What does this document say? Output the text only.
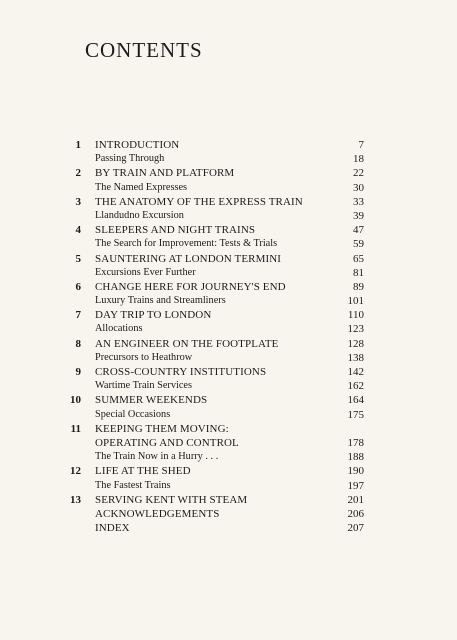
CONTENTS
1 INTRODUCTION	7
Passing Through	18
2 BY TRAIN AND PLATFORM	22
The Named Expresses	30
3 THE ANATOMY OF THE EXPRESS TRAIN	33
Llandudno Excursion	39
4 SLEEPERS AND NIGHT TRAINS	47
The Search for Improvement: Tests & Trials	59
5 SAUNTERING AT LONDON TERMINI	65
Excursions Ever Further	81
6 CHANGE HERE FOR JOURNEY'S END	89
Luxury Trains and Streamliners	101
7 DAY TRIP TO LONDON	110
Allocations	123
8 AN ENGINEER ON THE FOOTPLATE	128
Precursors to Heathrow	138
9 CROSS-COUNTRY INSTITUTIONS	142
Wartime Train Services	162
10 SUMMER WEEKENDS	164
Special Occasions	175
11 KEEPING THEM MOVING:
OPERATING AND CONTROL	178
The Train Now in a Hurry . . .	188
12 LIFE AT THE SHED	190
The Fastest Trains	197
13 SERVING KENT WITH STEAM	201
ACKNOWLEDGEMENTS	206
INDEX	207
